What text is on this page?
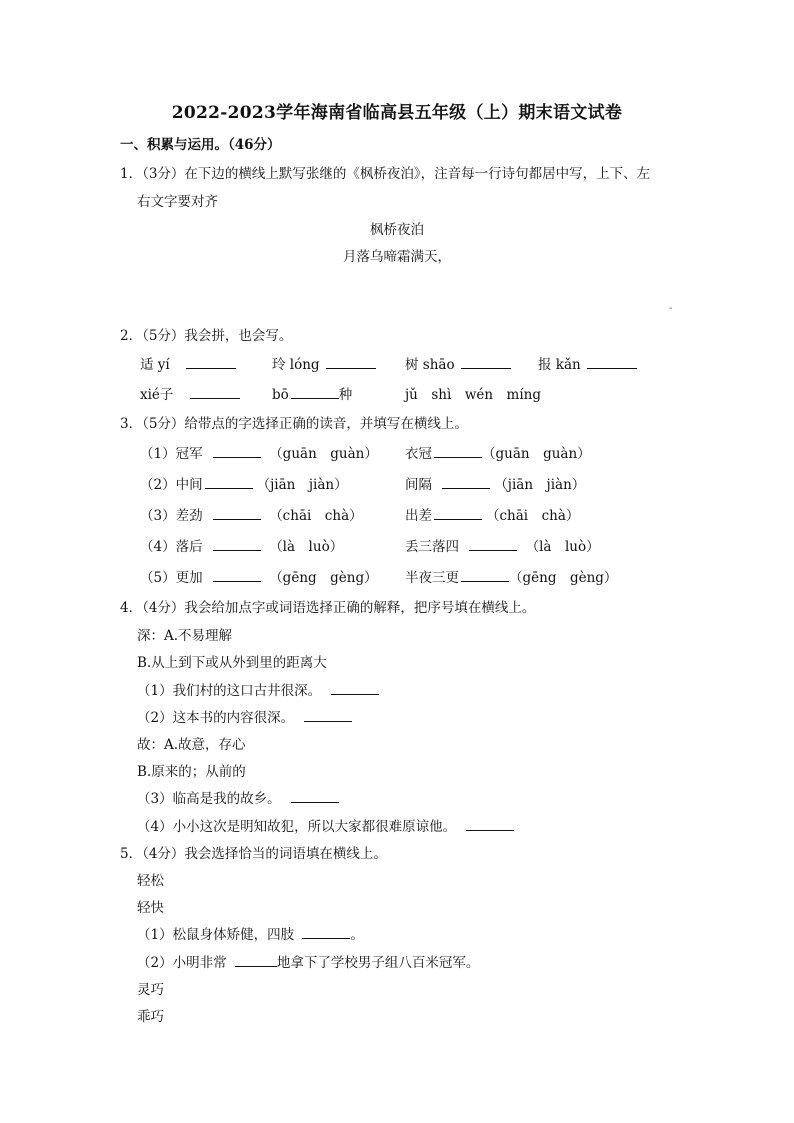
2022-2023学年海南省临高县五年级（上）期末语文试卷
一、积累与运用。（46分）
1．（3分）在下边的横线上默写张继的《枫桥夜泊》，注音每一行诗句都居中写，上下、左
右文字要对齐
枫桥夜泊
月落乌啼霜满天，
-
2．（5分）我会拼，也会写。
适 yí	玲 lóng	树 shāo	报 kǎn
xié子	bō	种	jǔ　shì　wén　míng
3．（5分）给带点的字选择正确的读音，并填写在横线上。
（1）冠军	（guān　guàn） 衣冠	（guān　guàn）
（2）中间	（jiān　jiàn）	间隔	（jiān　jiàn）
（3）差劲	（chāi　chà）	出差	（chāi　chà）
（4）落后	（là　luò）	丢三落四	（là　luò）
（5）更加	（gēng　gèng） 半夜三更	（gēng　gèng）
4．（4分）我会给加点字或词语选择正确的解释，把序号填在横线上。
深：A.不易理解
B.从上到下或从外到里的距离大
（1）我们村的这口古井很深。
（2）这本书的内容很深。
故：A.故意，存心
B.原来的；从前的
（3）临高是我的故乡。
（4）小小这次是明知故犯，所以大家都很难原谅他。
5．（4分）我会选择恰当的词语填在横线上。
轻松
轻快
（1）松鼠身体矫健，四肢	。
（2）小明非常	地拿下了学校男子组八百米冠军。
灵巧
乖巧
